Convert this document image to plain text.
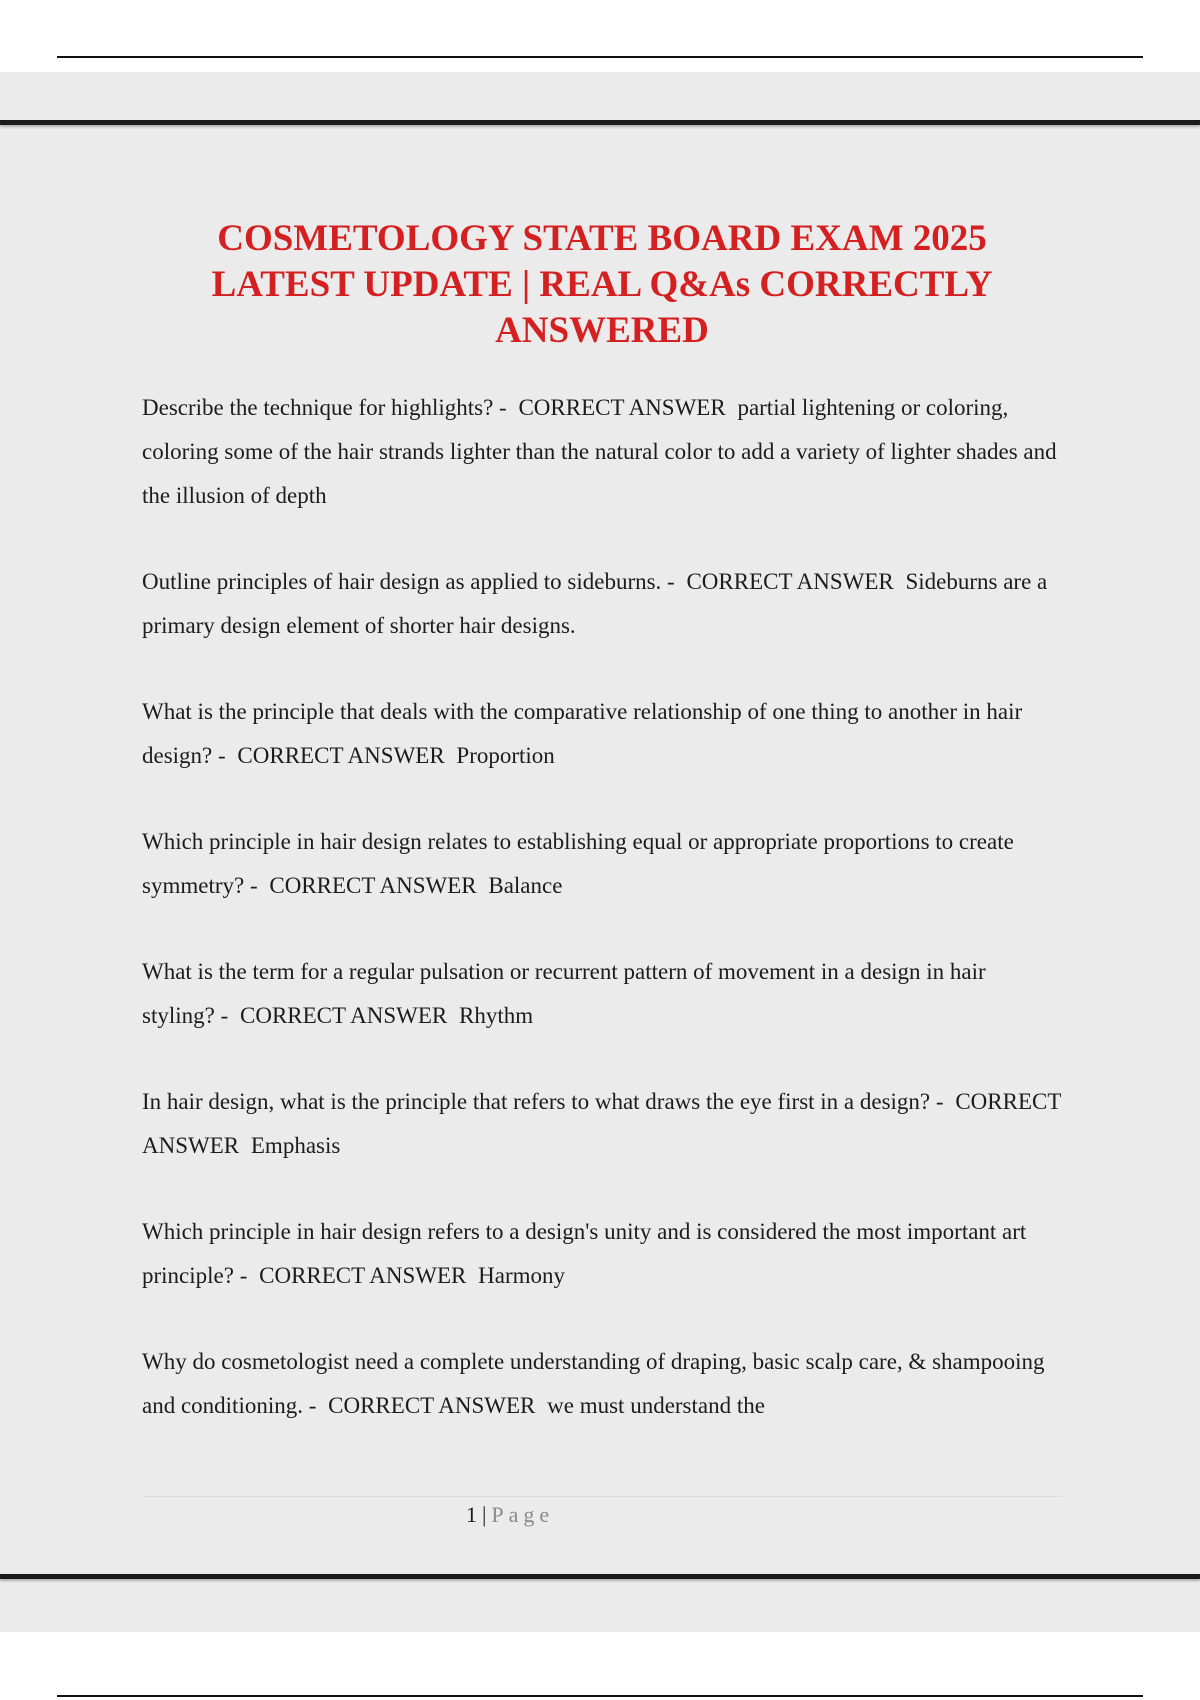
COSMETOLOGY STATE BOARD EXAM 2025 LATEST UPDATE | REAL Q&As CORRECTLY ANSWERED

Describe the technique for highlights? - CORRECT ANSWER partial lightening or coloring, coloring some of the hair strands lighter than the natural color to add a variety of lighter shades and the illusion of depth

Outline principles of hair design as applied to sideburns. - CORRECT ANSWER Sideburns are a primary design element of shorter hair designs.

What is the principle that deals with the comparative relationship of one thing to another in hair design? - CORRECT ANSWER Proportion

Which principle in hair design relates to establishing equal or appropriate proportions to create symmetry? - CORRECT ANSWER Balance

What is the term for a regular pulsation or recurrent pattern of movement in a design in hair styling? - CORRECT ANSWER Rhythm

In hair design, what is the principle that refers to what draws the eye first in a design? - CORRECT ANSWER Emphasis

Which principle in hair design refers to a design's unity and is considered the most important art principle? - CORRECT ANSWER Harmony

Why do cosmetologist need a complete understanding of draping, basic scalp care, & shampooing and conditioning. - CORRECT ANSWER we must understand the

1 | Page
